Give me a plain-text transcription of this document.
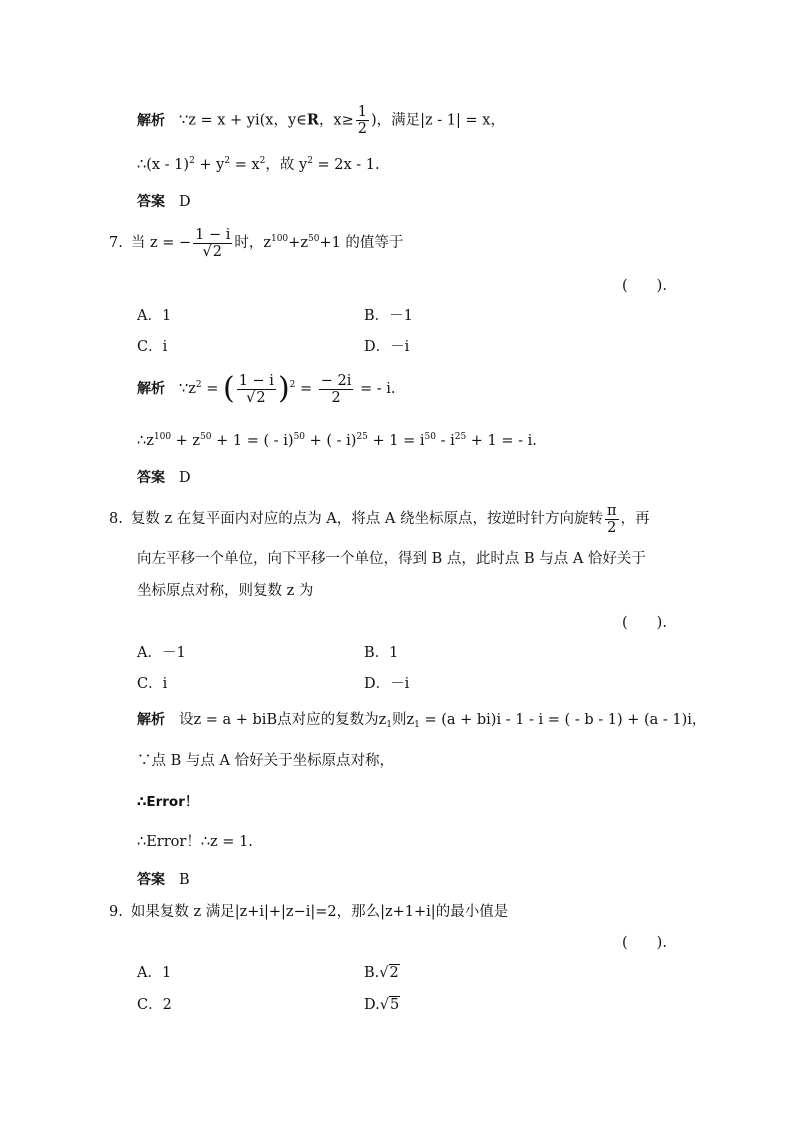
解析 ∵z = x + yi(x，y∈R，$x\ge \frac{1}{2}$ )，满足|z - 1| = x，
∴(x - $1)^2 + y^2 = x^2$，故 $y^2 = 2x - 1$.
答案 D
7. 当 z = − $\frac{1 - i}{√2}$ 时，$z^{100}+z^{50}+1$ 的值等于
(　　).
A．1	B．－1
C．i	D．－i
解析 $\because z^2$ = ( $\frac{1 - i}{√2} )^2 = \frac{- 2i}{2}$ = - i.
$\therefore z^{100} + z^{50} + 1$ = ( - i)$^{50}$ + ( - $i)^{25} + 1 = i^{50} - i^{25} + 1$ = - i.
答案 D
8. 复数 z 在复平面内对应的点为 A，将点 A 绕坐标原点，按逆时针方向旋转 $\frac{\pi}{2}$ ，再
向左平移一个单位，向下平移一个单位，得到 B 点，此时点 B 与点 A 恰好关于
坐标原点对称，则复数 z 为
(　　).
A．－1	B．1
C．i	D．－i
解析 设z = a + biB点对应的复数为$z_1$则$z_1 = (a + bi)i - 1 - i$ = ( - b - 1) + (a - 1)i，
∵点 B 与点 A 恰好关于坐标原点对称，
∴Error！
∴Error！∴z = 1.
答案 B
9. 如果复数 z 满足|z+i|+|z−i|=2，那么|z+1+i|的最小值是
(　　).
A．1	B.√2
C．2	D.√5
